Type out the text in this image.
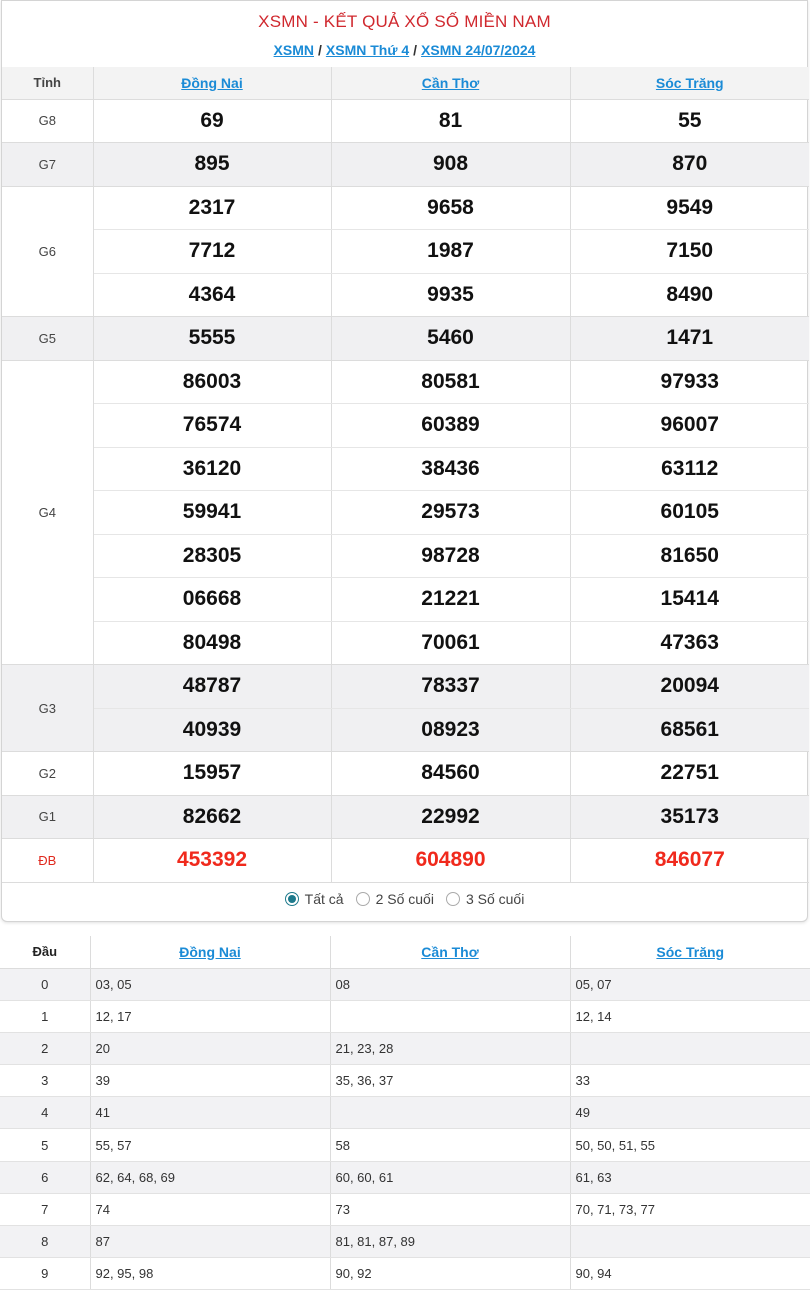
XSMN - KẾT QUẢ XỔ SỐ MIỀN NAM
XSMN / XSMN Thứ 4 / XSMN 24/07/2024
Tỉnh	Đồng Nai	Cần Thơ	Sóc Trăng
G8	69	81	55
G7	895	908	870
G6	2317	9658	9549
	7712	1987	7150
	4364	9935	8490
G5	5555	5460	1471
G4	86003	80581	97933
	76574	60389	96007
	36120	38436	63112
	59941	29573	60105
	28305	98728	81650
	06668	21221	15414
	80498	70061	47363
G3	48787	78337	20094
	40939	08923	68561
G2	15957	84560	22751
G1	82662	22992	35173
ĐB	453392	604890	846077
Tất cả 2 Số cuối 3 Số cuối
Đầu	Đồng Nai	Cần Thơ	Sóc Trăng
0	03, 05	08	05, 07
1	12, 17		12, 14
2	20	21, 23, 28	
3	39	35, 36, 37	33
4	41		49
5	55, 57	58	50, 50, 51, 55
6	62, 64, 68, 69	60, 60, 61	61, 63
7	74	73	70, 71, 73, 77
8	87	81, 81, 87, 89	
9	92, 95, 98	90, 92	90, 94
